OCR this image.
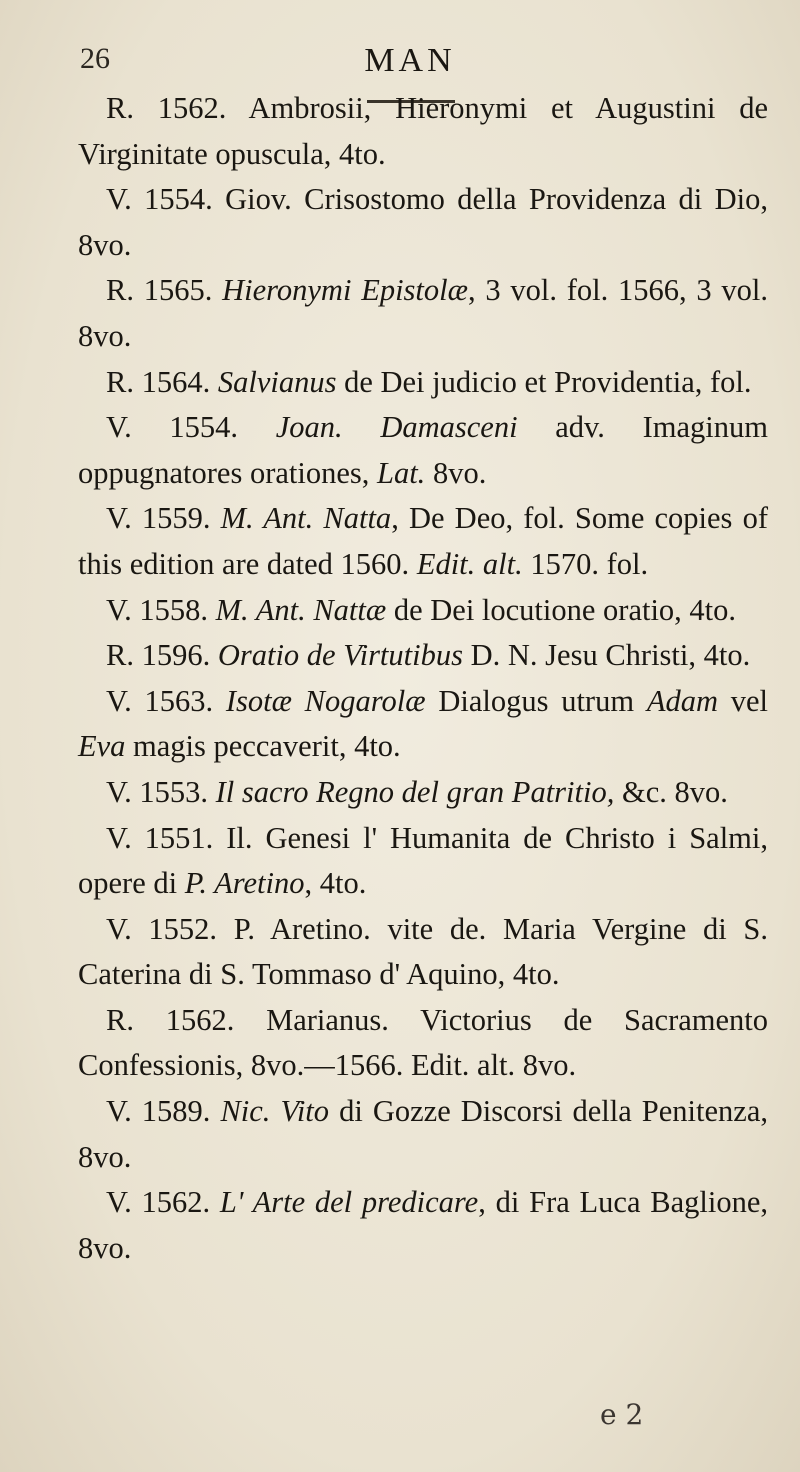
26	MAN

R. 1562. Ambrosii, Hieronymi et Augustini de Virginitate opuscula, 4to.

V. 1554. Giov. Crisostomo della Providenza di Dio, 8vo.

R. 1565. Hieronymi Epistolæ, 3 vol. fol. 1566, 3 vol. 8vo.

R. 1564. Salvianus de Dei judicio et Providentia, fol.

V. 1554. Joan. Damasceni adv. Imaginum oppugnatores orationes, Lat. 8vo.

V. 1559. M. Ant. Natta, De Deo, fol. Some copies of this edition are dated 1560. Edit. alt. 1570. fol.

V. 1558. M. Ant. Nattæ de Dei locutione oratio, 4to.

R. 1596. Oratio de Virtutibus D. N. Jesu Christi, 4to.

V. 1563. Isotæ Nogarolæ Dialogus utrum Adam vel Eva magis peccaverit, 4to.

V. 1553. Il sacro Regno del gran Patritio, &c. 8vo.

V. 1551. Il. Genesi l' Humanita de Christo i Salmi, opere di P. Aretino, 4to.

V. 1552. P. Aretino. vite de. Maria Vergine di S. Caterina di S. Tommaso d' Aquino, 4to.

R. 1562. Marianus. Victorius de Sacramento Confessionis, 8vo.—1566. Edit. alt. 8vo.

V. 1589. Nic. Vito di Gozze Discorsi della Penitenza, 8vo.

V. 1562. L' Arte del predicare, di Fra Luca Baglione, 8vo.

e 2
